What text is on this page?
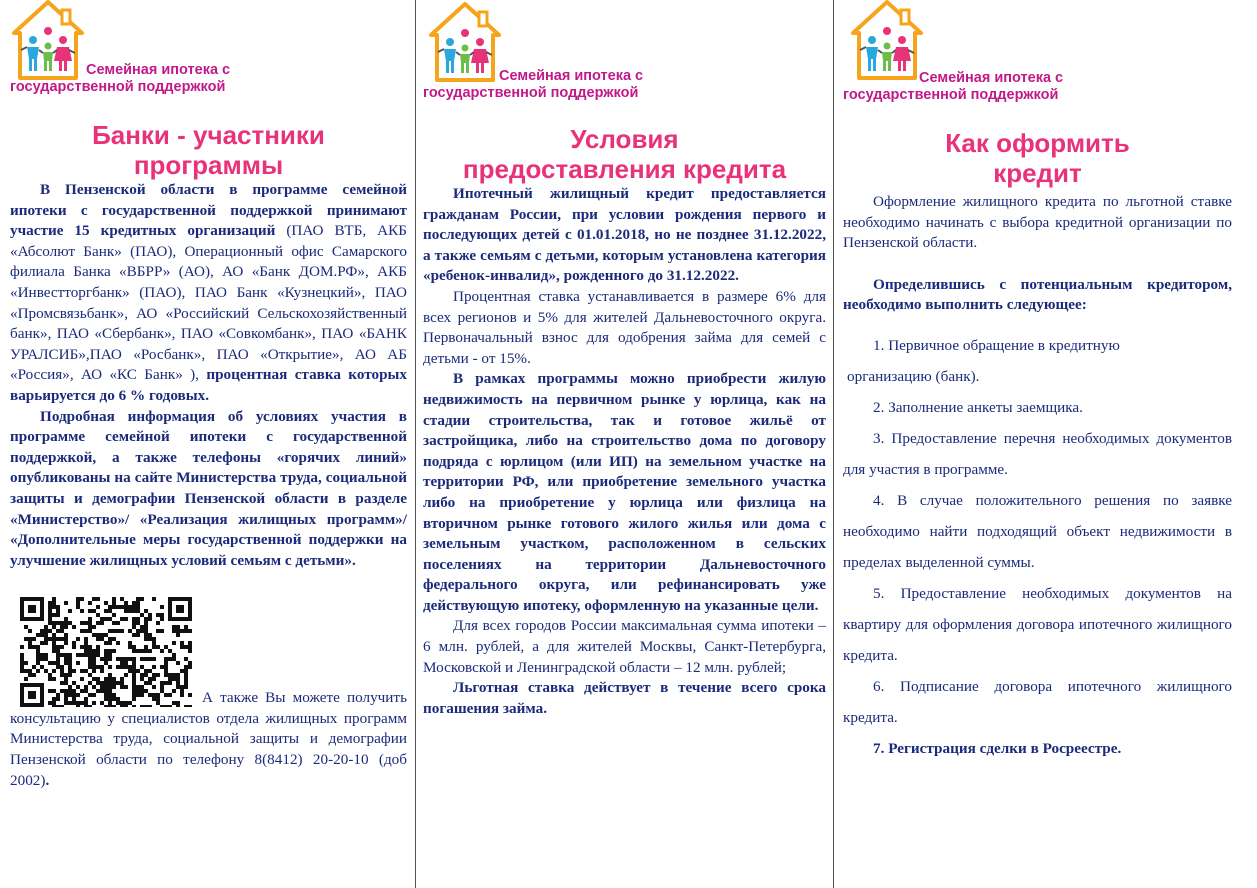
Семейная ипотека с
государственной поддержкой
Банки - участники
программы

В Пензенской области в программе семейной ипотеки с государственной поддержкой принимают участие 15 кредитных организаций (ПАО ВТБ, АКБ «Абсолют Банк» (ПАО), Операционный офис Самарского филиала Банка «ВБРР» (АО), АО «Банк ДОМ.РФ», АКБ «Инвестторгбанк» (ПАО), ПАО Банк «Кузнецкий», ПАО «Промсвязьбанк», АО «Российский Сельскохозяйственный банк», ПАО «Сбербанк», ПАО «Совкомбанк», ПАО «БАНК УРАЛСИБ»,ПАО «Росбанк», ПАО «Открытие», АО АБ «Россия», АО «КС Банк» ), процентная ставка которых варьируется до 6 % годовых.

Подробная информация об условиях участия в программе семейной ипотеки с государственной поддержкой, а также телефоны «горячих линий» опубликованы на сайте Министерства труда, социальной защиты и демографии Пензенской области в разделе «Министерство»/ «Реализация жилищных программ»/ «Дополнительные меры государственной поддержки на улучшение жилищных условий семьям с детьми».

А также Вы можете получить консультацию у специалистов отдела жилищных программ Министерства труда, социальной защиты и демографии Пензенской области по телефону 8(8412) 20-20-10 (доб 2002).

Семейная ипотека с
государственной поддержкой
Условия
предоставления кредита

Ипотечный жилищный кредит предоставляется гражданам России, при условии рождения первого и последующих детей с 01.01.2018, но не позднее 31.12.2022, а также семьям с детьми, которым установлена категория «ребенок-инвалид», рожденного до 31.12.2022.

Процентная ставка устанавливается в размере 6% для всех регионов и 5% для жителей Дальневосточного округа. Первоначальный взнос для одобрения займа для семей с детьми - от 15%.

В рамках программы можно приобрести жилую недвижимость на первичном рынке у юрлица, как на стадии строительства, так и готовое жильё от застройщика, либо на строительство дома по договору подряда с юрлицом (или ИП) на земельном участке на территории РФ, или приобретение земельного участка либо на приобретение у юрлица или физлица на вторичном рынке готового жилого жилья или дома с земельным участком, расположенном в сельских поселениях на территории Дальневосточного федерального округа, или рефинансировать уже действующую ипотеку, оформленную на указанные цели.

Для всех городов России максимальная сумма ипотеки – 6 млн. рублей, а для жителей Москвы, Санкт-Петербурга, Московской и Ленинградской области – 12 млн. рублей;

Льготная ставка действует в течение всего срока погашения займа.

Семейная ипотека с
государственной поддержкой
Как оформить
кредит

Оформление жилищного кредита по льготной ставке необходимо начинать с выбора кредитной организации по Пензенской области.

Определившись с потенциальным кредитором, необходимо выполнить следующее:

1. Первичное обращение в кредитную

организацию (банк).

2. Заполнение анкеты заемщика.

3. Предоставление перечня необходимых документов для участия в программе.

4. В случае положительного решения по заявке необходимо найти подходящий объект недвижимости в пределах выделенной суммы.

5. Предоставление необходимых документов на квартиру для оформления договора ипотечного жилищного кредита.

6. Подписание договора ипотечного жилищного кредита.

7. Регистрация сделки в Росреестре.
